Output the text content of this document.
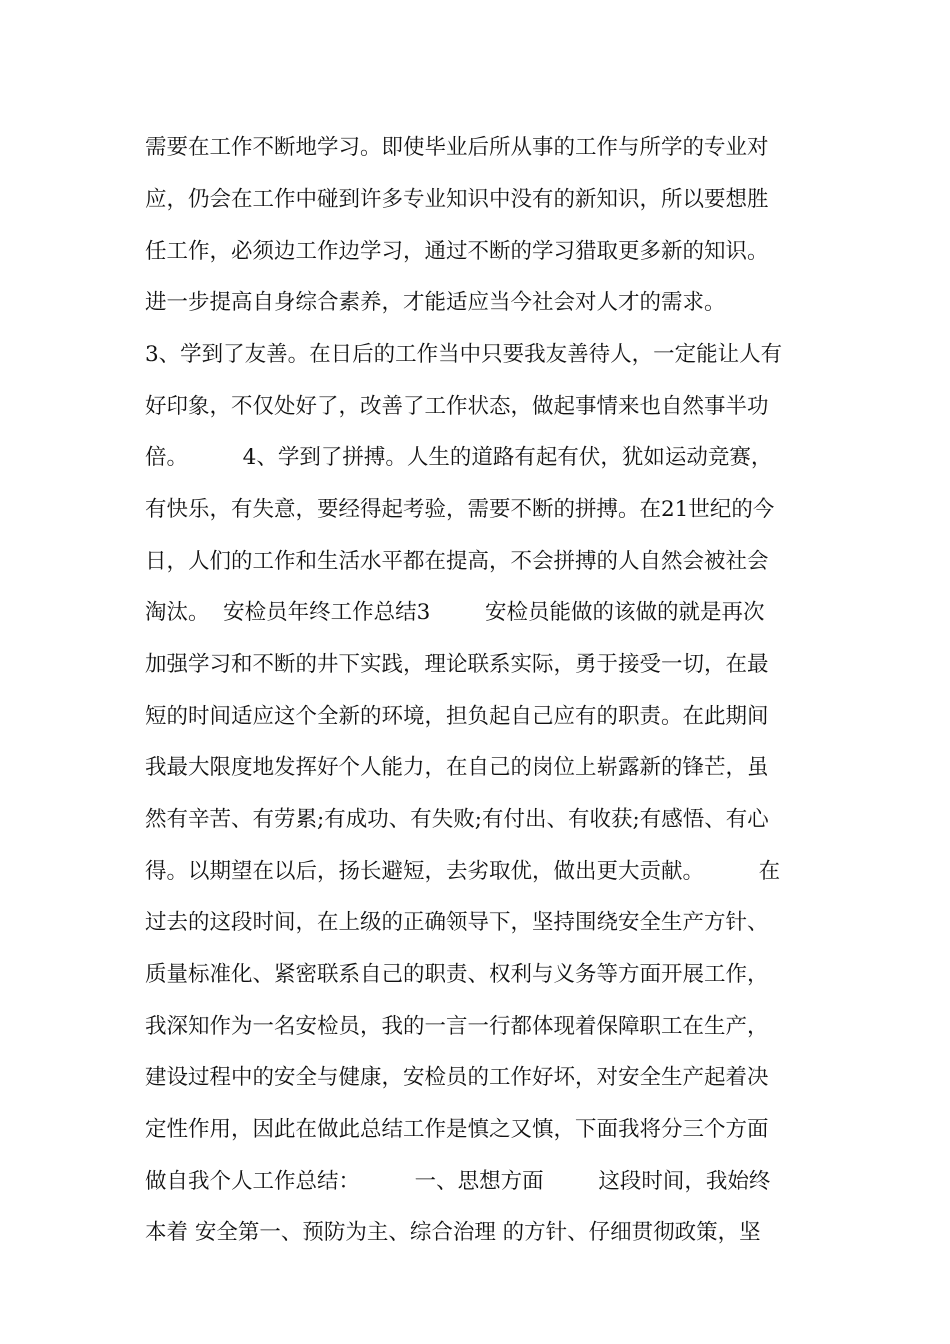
需要在工作不断地学习。即使毕业后所从事的工作与所学的专业对
应，仍会在工作中碰到许多专业知识中没有的新知识，所以要想胜
任工作，必须边工作边学习，通过不断的学习猎取更多新的知识。
进一步提高自身综合素养，才能适应当今社会对人才的需求。
3、学到了友善。在日后的工作当中只要我友善待人，一定能让人有
好印象，不仅处好了，改善了工作状态，做起事情来也自然事半功
倍。        4、学到了拼搏。人生的道路有起有伏，犹如运动竞赛，
有快乐，有失意，要经得起考验，需要不断的拼搏。在21世纪的今
日，人们的工作和生活水平都在提高，不会拼搏的人自然会被社会
淘汰。  安检员年终工作总结3        安检员能做的该做的就是再次
加强学习和不断的井下实践，理论联系实际，勇于接受一切，在最
短的时间适应这个全新的环境，担负起自己应有的职责。在此期间
我最大限度地发挥好个人能力，在自己的岗位上崭露新的锋芒，虽
然有辛苦、有劳累;有成功、有失败;有付出、有收获;有感悟、有心
得。以期望在以后，扬长避短，去劣取优，做出更大贡献。        在
过去的这段时间，在上级的正确领导下，坚持围绕安全生产方针、
质量标准化、紧密联系自己的职责、权利与义务等方面开展工作，
我深知作为一名安检员，我的一言一行都体现着保障职工在生产，
建设过程中的安全与健康，安检员的工作好坏，对安全生产起着决
定性作用，因此在做此总结工作是慎之又慎，下面我将分三个方面
做自我个人工作总结：        一、思想方面        这段时间，我始终
本着 安全第一、预防为主、综合治理 的方针、仔细贯彻政策，坚
